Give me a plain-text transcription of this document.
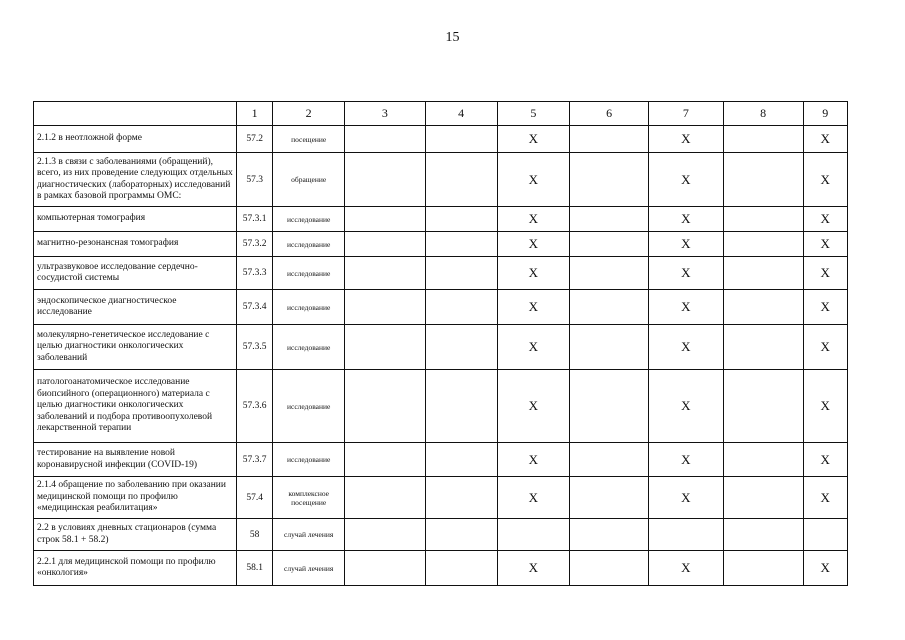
15
	1	2	3	4	5	6	7	8	9
2.1.2 в неотложной форме	57.2	посещение			X		X		X
2.1.3 в связи с заболеваниями (обращений), всего, из них проведение следующих отдельных диагностических (лабораторных) исследований в рамках базовой программы ОМС:	57.3	обращение			X		X		X
компьютерная томография	57.3.1	исследование			X		X		X
магнитно-резонансная томография	57.3.2	исследование			X		X		X
ультразвуковое исследование сердечно-сосудистой системы	57.3.3	исследование			X		X		X
эндоскопическое диагностическое исследование	57.3.4	исследование			X		X		X
молекулярно-генетическое исследование с целью диагностики онкологических заболеваний	57.3.5	исследование			X		X		X
патологоанатомическое исследование биопсийного (операционного) материала с целью диагностики онкологических заболеваний и подбора противоопухолевой лекарственной терапии	57.3.6	исследование			X		X		X
тестирование на выявление новой коронавирусной инфекции (COVID-19)	57.3.7	исследование			X		X		X
2.1.4 обращение по заболеванию при оказании медицинской помощи по профилю «медицинская реабилитация»	57.4	комплексное посещение			X		X		X
2.2 в условиях дневных стационаров (сумма строк 58.1 + 58.2)	58	случай лечения							
2.2.1 для медицинской помощи по профилю «онкология»	58.1	случай лечения			X		X		X
